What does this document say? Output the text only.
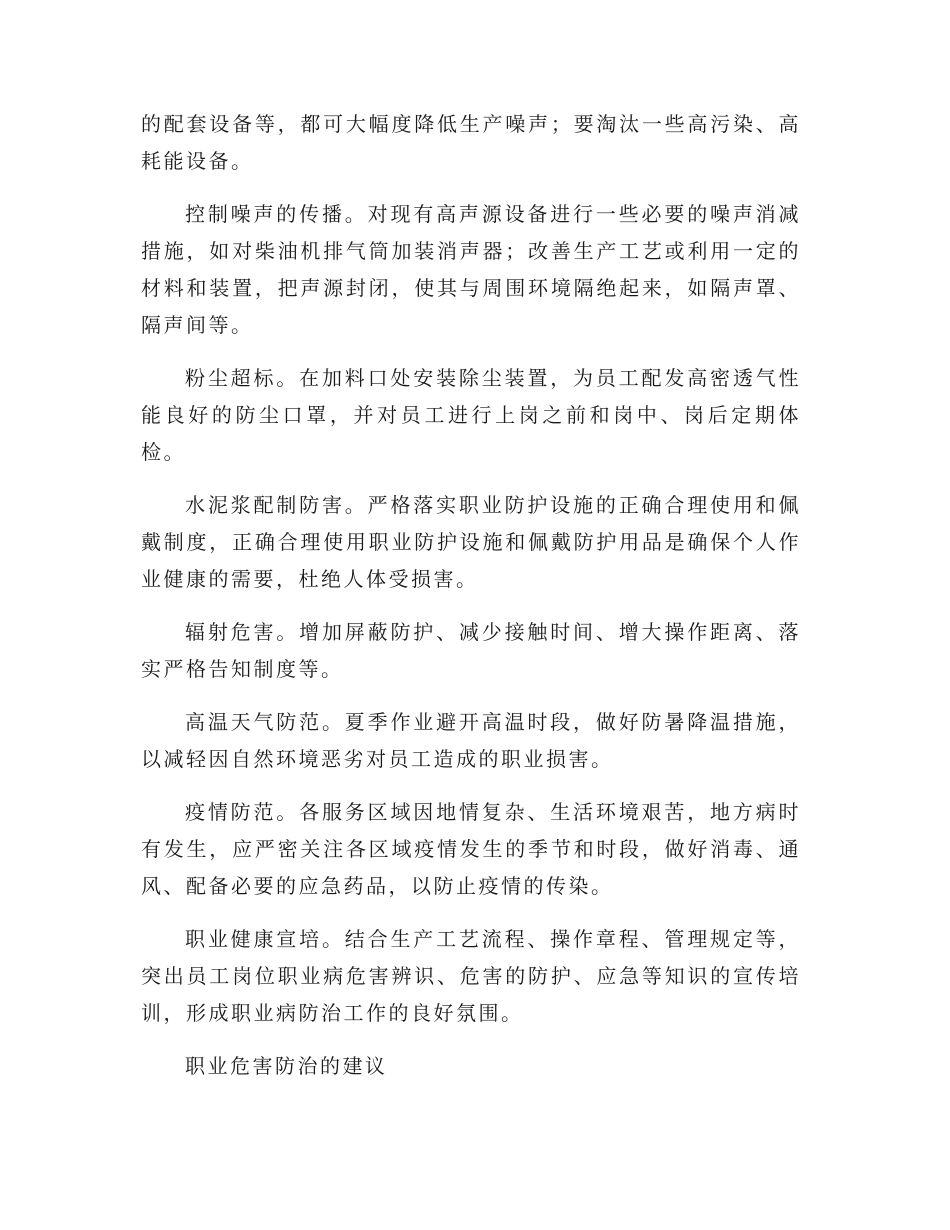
的配套设备等，都可大幅度降低生产噪声；要淘汰一些高污染、高耗能设备。

控制噪声的传播。对现有高声源设备进行一些必要的噪声消减措施，如对柴油机排气筒加装消声器；改善生产工艺或利用一定的材料和装置，把声源封闭，使其与周围环境隔绝起来，如隔声罩、隔声间等。

粉尘超标。在加料口处安装除尘装置，为员工配发高密透气性能良好的防尘口罩，并对员工进行上岗之前和岗中、岗后定期体检。

水泥浆配制防害。严格落实职业防护设施的正确合理使用和佩戴制度，正确合理使用职业防护设施和佩戴防护用品是确保个人作业健康的需要，杜绝人体受损害。

辐射危害。增加屏蔽防护、减少接触时间、增大操作距离、落实严格告知制度等。

高温天气防范。夏季作业避开高温时段，做好防暑降温措施，以减轻因自然环境恶劣对员工造成的职业损害。

疫情防范。各服务区域因地情复杂、生活环境艰苦，地方病时有发生，应严密关注各区域疫情发生的季节和时段，做好消毒、通风、配备必要的应急药品，以防止疫情的传染。

职业健康宣培。结合生产工艺流程、操作章程、管理规定等，突出员工岗位职业病危害辨识、危害的防护、应急等知识的宣传培训，形成职业病防治工作的良好氛围。

职业危害防治的建议
